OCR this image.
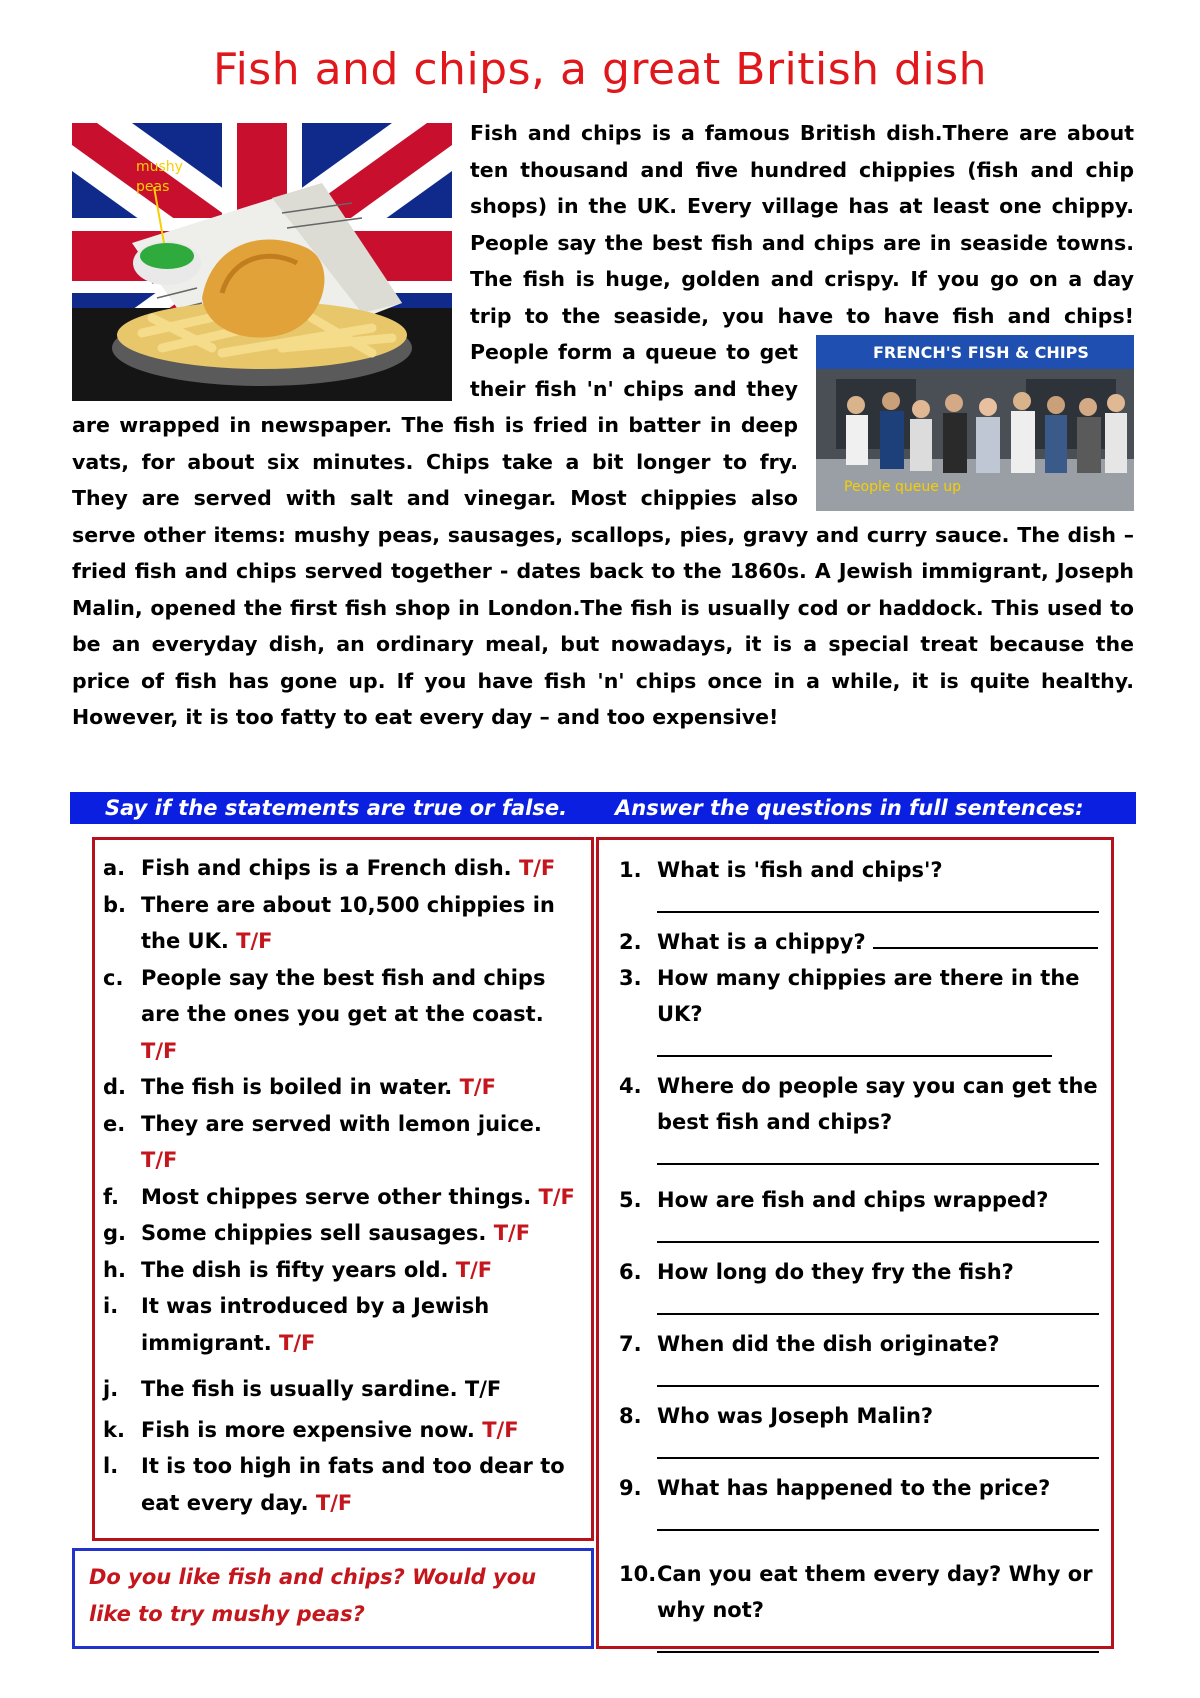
Fish and chips, a great British dish
mushy peas
FRENCH'S FISH & CHIPS
People queue up
Fish and chips is a famous British dish.There are about ten thousand and five hundred chippies (fish and chip shops) in the UK. Every village has at least one chippy. People say the best fish and chips are in seaside towns. The fish is huge, golden and crispy. If you go on a day trip to the seaside, you have to have fish and chips! People form a queue to get their fish 'n' chips and they are wrapped in newspaper. The fish is fried in batter in deep vats, for about six minutes. Chips take a bit longer to fry. They are served with salt and vinegar. Most chippies also serve other items: mushy peas, sausages, scallops, pies, gravy and curry sauce. The dish – fried fish and chips served together - dates back to the 1860s. A Jewish immigrant, Joseph Malin, opened the first fish shop in London.The fish is usually cod or haddock. This used to be an everyday dish, an ordinary meal, but nowadays, it is a special treat because the price of fish has gone up. If you have fish 'n' chips once in a while, it is quite healthy. However, it is too fatty to eat every day – and too expensive!
Say if the statements are true or false. Answer the questions in full sentences:
a. Fish and chips is a French dish. T/F
b. There are about 10,500 chippies in the UK. T/F
c. People say the best fish and chips are the ones you get at the coast. T/F
d. The fish is boiled in water. T/F
e. They are served with lemon juice. T/F
f. Most chippes serve other things. T/F
g. Some chippies sell sausages. T/F
h. The dish is fifty years old. T/F
i. It was introduced by a Jewish immigrant. T/F
j. The fish is usually sardine. T/F
k. Fish is more expensive now. T/F
l. It is too high in fats and too dear to eat every day. T/F
1. What is 'fish and chips'?
2. What is a chippy?
3. How many chippies are there in the UK?
4. Where do people say you can get the best fish and chips?
5. How are fish and chips wrapped?
6. How long do they fry the fish?
7. When did the dish originate?
8. Who was Joseph Malin?
9. What has happened to the price?
10. Can you eat them every day? Why or why not?
Do you like fish and chips? Would you like to try mushy peas?
